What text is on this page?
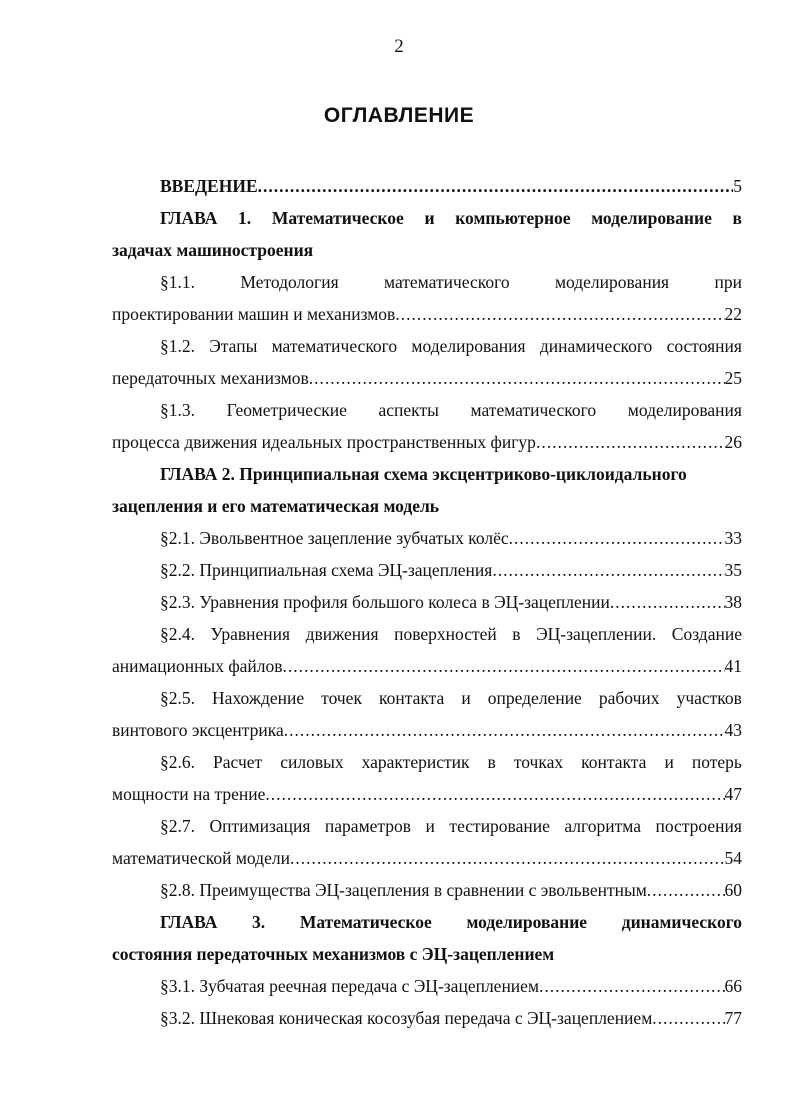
2
ОГЛАВЛЕНИЕ
ВВЕДЕНИЕ .....	5
ГЛАВА 1. Математическое и компьютерное моделирование в
задачах машиностроения
§1.1.	Методология	математического	моделирования	при
проектировании машин и механизмов .....	22
§1.2. Этапы математического моделирования динамического состояния
передаточных механизмов .....	25
§1.3. Геометрические аспекты математического моделирования
процесса движения идеальных пространственных фигур .....	26
ГЛАВА 2. Принципиальная схема эксцентриково-циклоидального
зацепления и его математическая модель
§2.1. Эвольвентное зацепление зубчатых колёс .....	33
§2.2. Принципиальная схема ЭЦ-зацепления .....	35
§2.3. Уравнения профиля большого колеса в ЭЦ-зацеплении .....	38
§2.4. Уравнения движения поверхностей в ЭЦ-зацеплении. Создание
анимационных файлов .....	41
§2.5. Нахождение точек контакта и определение рабочих участков
винтового эксцентрика .....	43
§2.6. Расчет силовых характеристик в точках контакта и потерь
мощности на трение .....	47
§2.7. Оптимизация параметров и тестирование алгоритма построения
математической модели .....	54
§2.8. Преимущества ЭЦ-зацепления в сравнении с эвольвентным .....	60
ГЛАВА 3. Математическое моделирование динамического
состояния передаточных механизмов с ЭЦ-зацеплением
§3.1. Зубчатая реечная передача с ЭЦ-зацеплением .....	66
§3.2. Шнековая коническая косозубая передача с ЭЦ-зацеплением .....	77
